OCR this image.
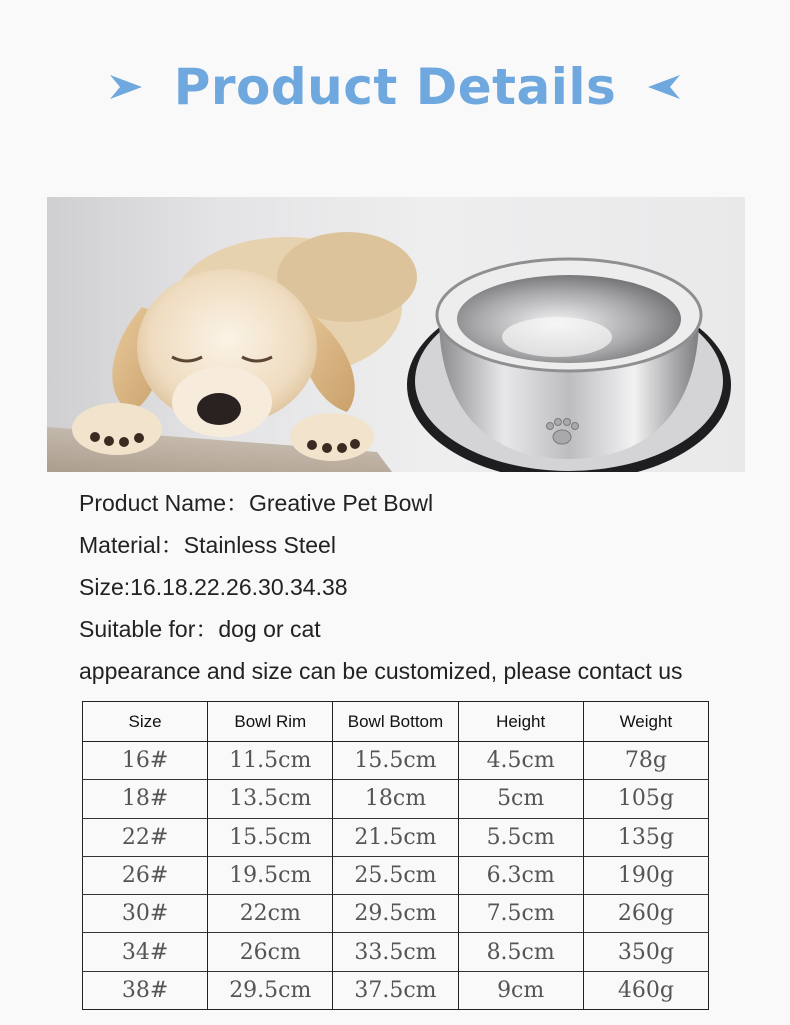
Product Details

Product Name：Greative Pet Bowl

Material：Stainless Steel

Size:16.18.22.26.30.34.38

Suitable for：dog or cat

appearance and size can be customized, please contact us

Size	Bowl Rim	Bowl Bottom	Height	Weight
16#	11.5cm	15.5cm	4.5cm	78g
18#	13.5cm	18cm	5cm	105g
22#	15.5cm	21.5cm	5.5cm	135g
26#	19.5cm	25.5cm	6.3cm	190g
30#	22cm	29.5cm	7.5cm	260g
34#	26cm	33.5cm	8.5cm	350g
38#	29.5cm	37.5cm	9cm	460g
